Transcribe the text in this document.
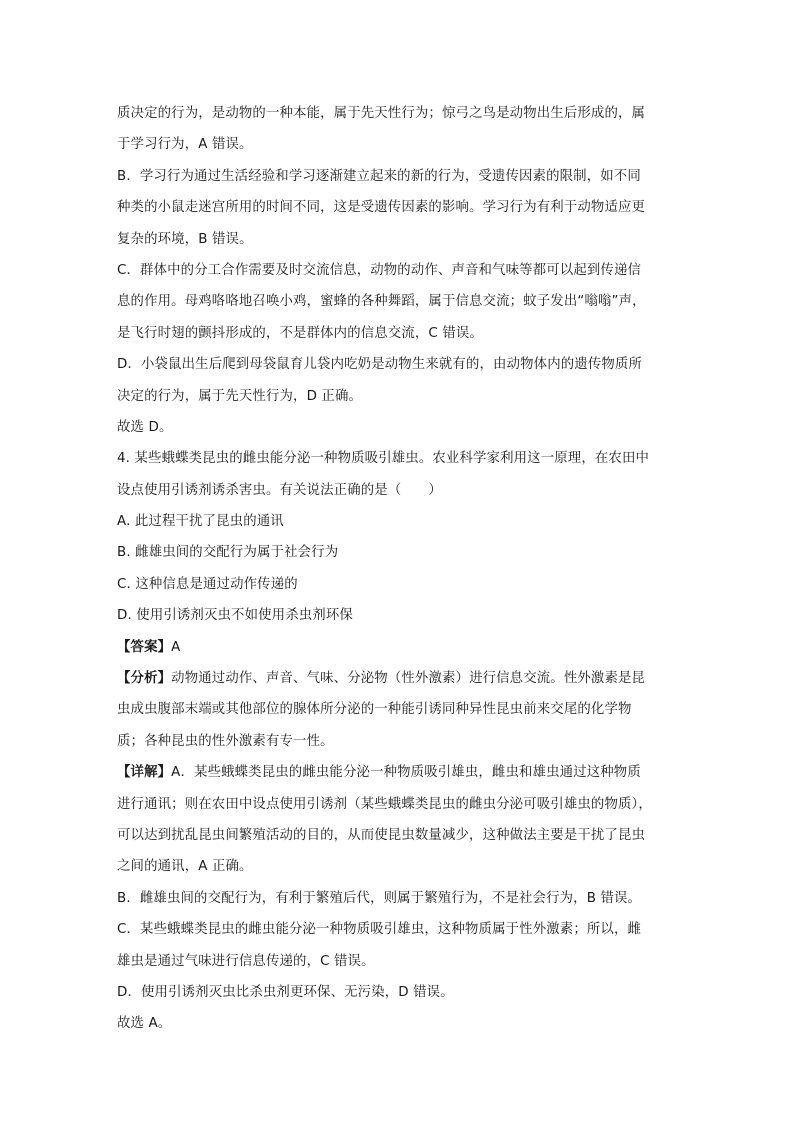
质决定的行为，是动物的一种本能，属于先天性行为；惊弓之鸟是动物出生后形成的，属
于学习行为，A 错误。
B．学习行为通过生活经验和学习逐渐建立起来的新的行为，受遗传因素的限制，如不同
种类的小鼠走迷宫所用的时间不同，这是受遗传因素的影响。学习行为有利于动物适应更
复杂的环境，B 错误。
C．群体中的分工合作需要及时交流信息，动物的动作、声音和气味等都可以起到传递信
息的作用。母鸡咯咯地召唤小鸡，蜜蜂的各种舞蹈，属于信息交流；蚊子发出“嗡嗡”声，
是飞行时翅的颤抖形成的，不是群体内的信息交流，C 错误。
D．小袋鼠出生后爬到母袋鼠育儿袋内吃奶是动物生来就有的，由动物体内的遗传物质所
决定的行为，属于先天性行为，D 正确。
故选 D。
4. 某些蛾蝶类昆虫的雌虫能分泌一种物质吸引雄虫。农业科学家利用这一原理，在农田中
设点使用引诱剂诱杀害虫。有关说法正确的是（　　）
A. 此过程干扰了昆虫的通讯
B. 雌雄虫间的交配行为属于社会行为
C. 这种信息是通过动作传递的
D. 使用引诱剂灭虫不如使用杀虫剂环保
【答案】A
【分析】动物通过动作、声音、气味、分泌物（性外激素）进行信息交流。性外激素是昆
虫成虫腹部末端或其他部位的腺体所分泌的一种能引诱同种异性昆虫前来交尾的化学物
质；各种昆虫的性外激素有专一性。
【详解】A．某些蛾蝶类昆虫的雌虫能分泌一种物质吸引雄虫，雌虫和雄虫通过这种物质
进行通讯；则在农田中设点使用引诱剂（某些蛾蝶类昆虫的雌虫分泌可吸引雄虫的物质），
可以达到扰乱昆虫间繁殖活动的目的，从而使昆虫数量减少，这种做法主要是干扰了昆虫
之间的通讯，A 正确。
B．雌雄虫间的交配行为，有利于繁殖后代，则属于繁殖行为，不是社会行为，B 错误。
C．某些蛾蝶类昆虫的雌虫能分泌一种物质吸引雄虫，这种物质属于性外激素；所以，雌
雄虫是通过气味进行信息传递的，C 错误。
D．使用引诱剂灭虫比杀虫剂更环保、无污染，D 错误。
故选 A。
